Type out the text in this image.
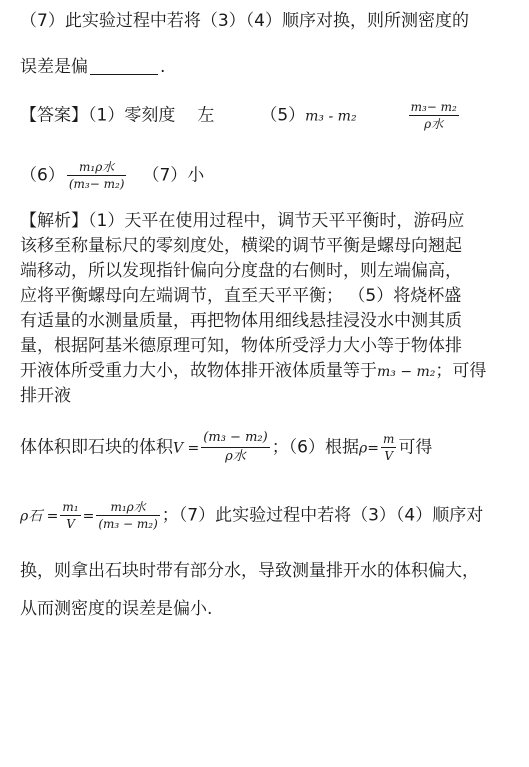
（7）此实验过程中若将（3）（4）顺序对换，则所测密度的
误差是偏	.
【答案】（1）零刻度 左	（5）m₃ - m₂	$\frac{\text{m₃− m₂}}{\text{ρ水}}$
$(6) \frac{\text{m₁ρ水}}{\text{(m₃− m₂)}} (7)$小
【解析】（1）天平在使用过程中，调节天平平衡时，游码应
该移至称量标尺的零刻度处，横梁的调节平衡是螺母向翘起
端移动，所以发现指针偏向分度盘的右侧时，则左端偏高，
应将平衡螺母向左端调节，直至天平平衡； （5）将烧杯盛
有适量的水测量质量，再把物体用细线悬挂浸没水中测其质
量，根据阿基米德原理可知，物体所受浮力大小等于物体排
开液体所受重力大小，故物体排开液体质量等于m₃ − m₂；可得
排开液
体体积即石块的体积$V = \frac{\text{(m₃ − m₂)}}{\text{ρ水}}$ ；（6）根据$\rho= \frac{m}{V}$ 可得
ρ石 = $\frac{\text{m₁}}{V} = \frac{\text{m₁ρ水}}{\text{(m₃ − m₂)}}$ ；（7）此实验过程中若将（3）（4）顺序对
换，则拿出石块时带有部分水，导致测量排开水的体积偏大，
从而测密度的误差是偏小.
